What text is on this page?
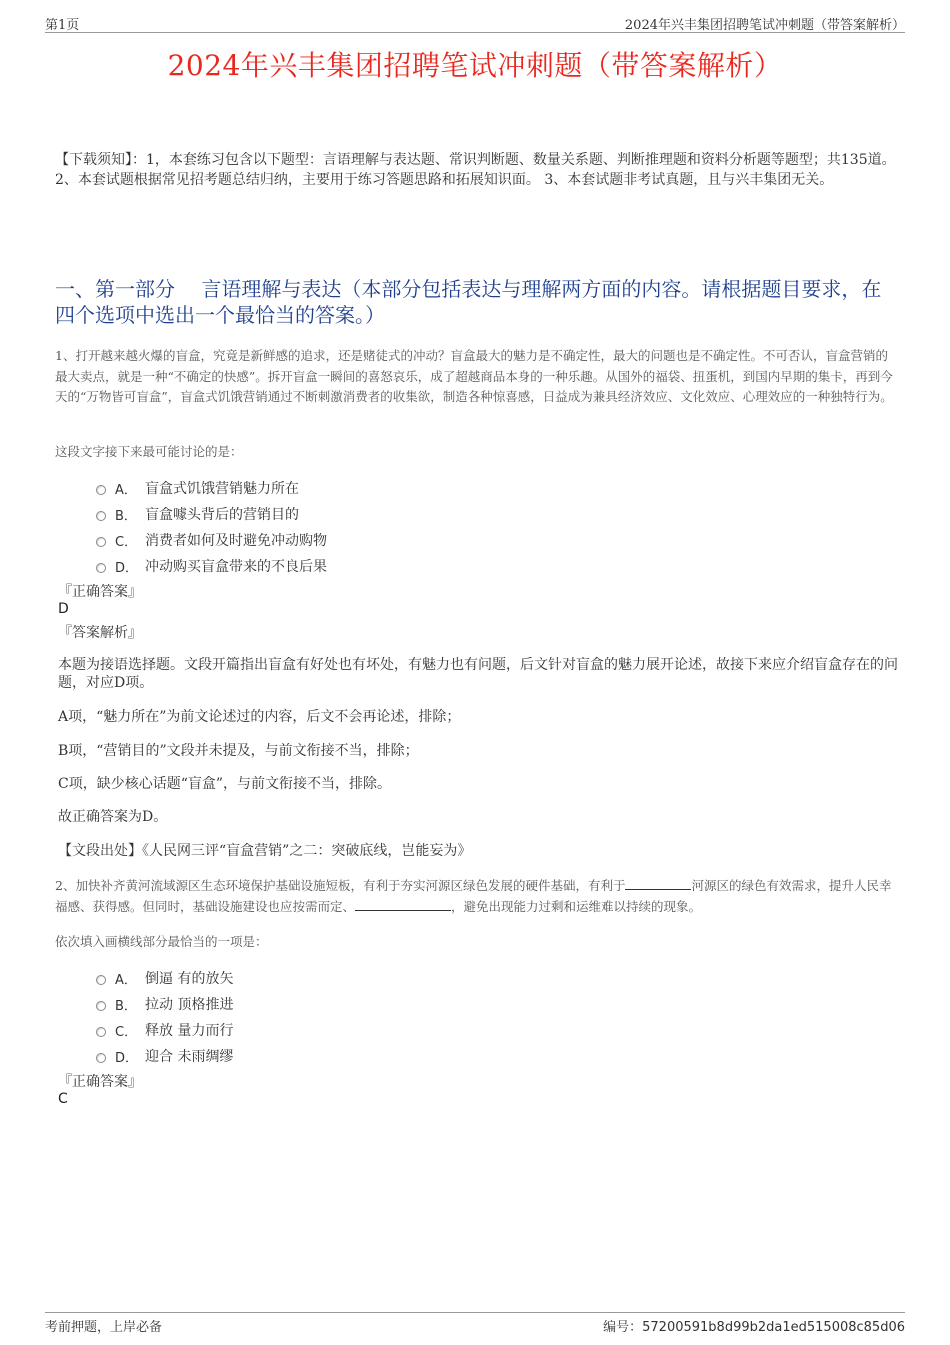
第1页	2024年兴丰集团招聘笔试冲刺题（带答案解析）
2024年兴丰集团招聘笔试冲刺题（带答案解析）
【下载须知】：1，本套练习包含以下题型：言语理解与表达题、常识判断题、数量关系题、判断推理题和资料分析题等题型；共135道。 2、本套试题根据常见招考题总结归纳，主要用于练习答题思路和拓展知识面。 3、本套试题非考试真题，且与兴丰集团无关。
一、第一部分　 言语理解与表达（本部分包括表达与理解两方面的内容。请根据题目要求，在四个选项中选出一个最恰当的答案。）
1、打开越来越火爆的盲盒，究竟是新鲜感的追求，还是赌徒式的冲动？盲盒最大的魅力是不确定性，最大的问题也是不确定性。不可否认，盲盒营销的最大卖点，就是一种“不确定的快感”。拆开盲盒一瞬间的喜怒哀乐，成了超越商品本身的一种乐趣。从国外的福袋、扭蛋机，到国内早期的集卡，再到今天的“万物皆可盲盒”，盲盒式饥饿营销通过不断刺激消费者的收集欲，制造各种惊喜感，日益成为兼具经济效应、文化效应、心理效应的一种独特行为。
这段文字接下来最可能讨论的是：
A． 盲盒式饥饿营销魅力所在
B． 盲盒噱头背后的营销目的
C． 消费者如何及时避免冲动购物
D． 冲动购买盲盒带来的不良后果
『正确答案』
D
『答案解析』
本题为接语选择题。文段开篇指出盲盒有好处也有坏处，有魅力也有问题，后文针对盲盒的魅力展开论述，故接下来应介绍盲盒存在的问题，对应D项。
A项，“魅力所在”为前文论述过的内容，后文不会再论述，排除；
B项，“营销目的”文段并未提及，与前文衔接不当，排除；
C项，缺少核心话题“盲盒”，与前文衔接不当，排除。
故正确答案为D。
【文段出处】《人民网三评“盲盒营销”之二：突破底线，岂能妄为》
2、加快补齐黄河流域源区生态环境保护基础设施短板，有利于夯实河源区绿色发展的硬件基础，有利于	河源区的绿色有效需求，提升人民幸福感、获得感。但同时，基础设施建设也应按需而定、	，避免出现能力过剩和运维难以持续的现象。
依次填入画横线部分最恰当的一项是：
A． 倒逼 有的放矢
B． 拉动 顶格推进
C． 释放 量力而行
D． 迎合 未雨绸缪
『正确答案』
C
考前押题，上岸必备	编号：57200591b8d99b2da1ed515008c85d06
